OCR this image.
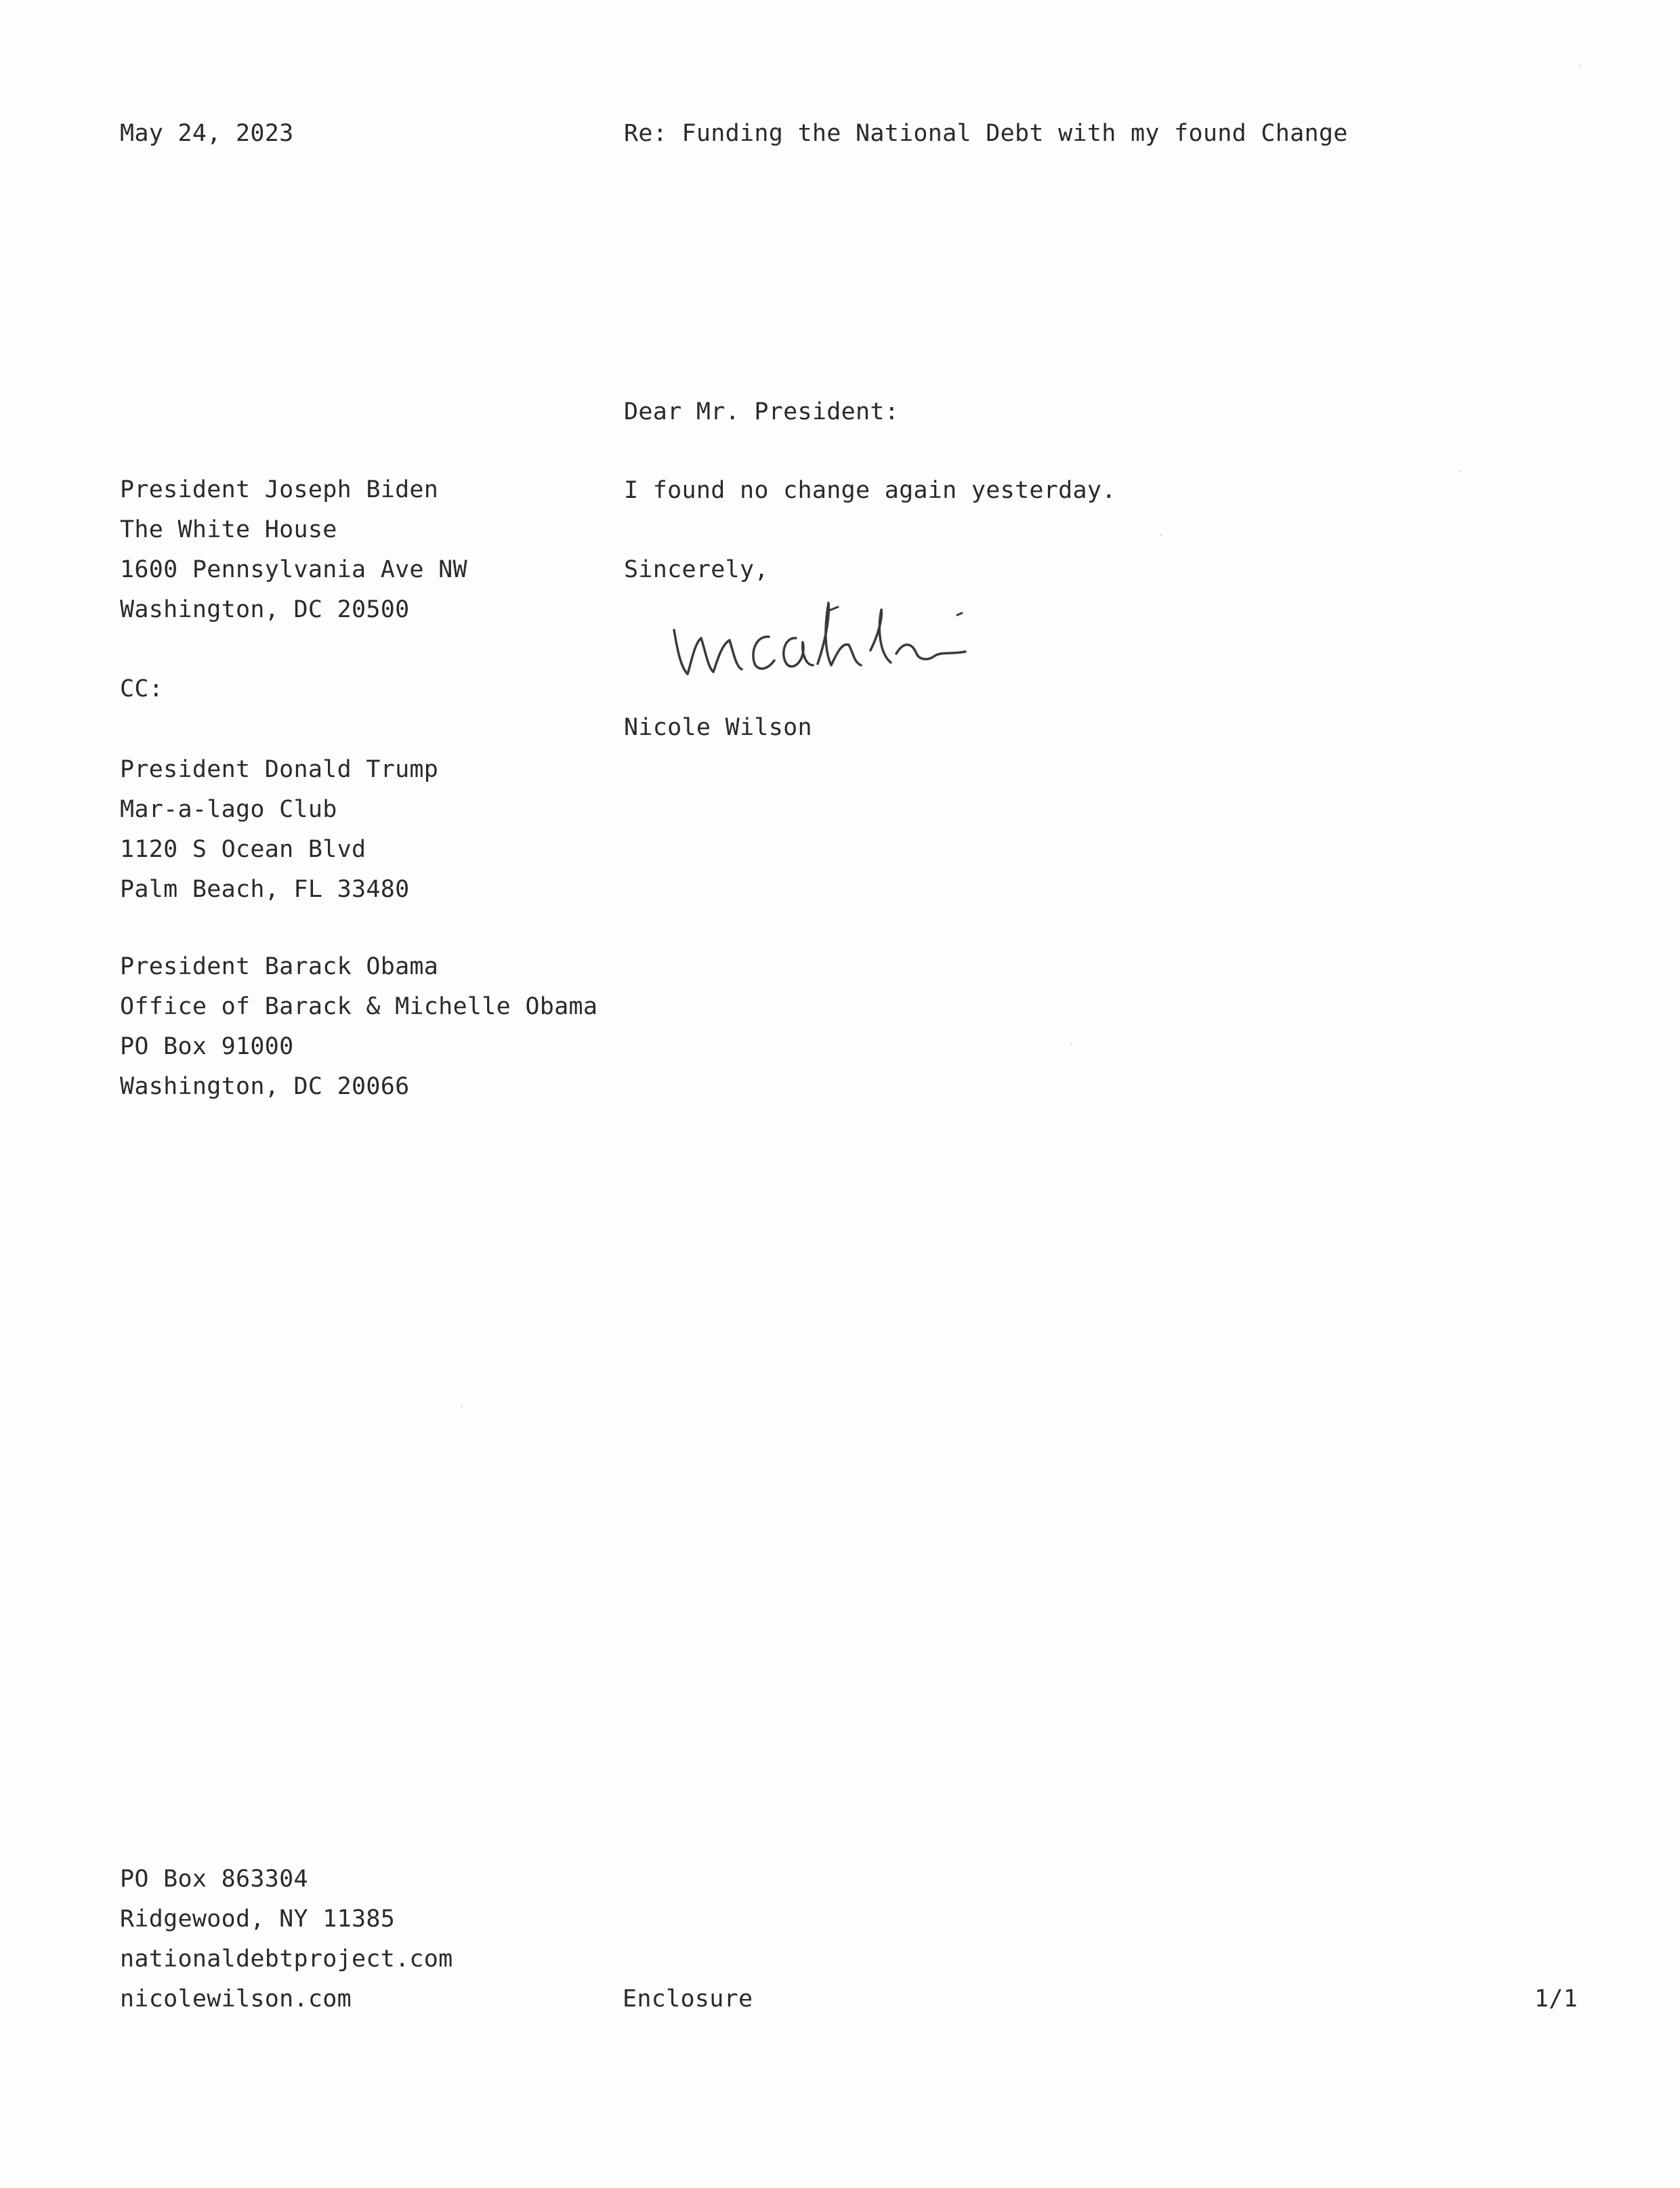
May 24, 2023	Re: Funding the National Debt with my found Change
Dear Mr. President:
I found no change again yesterday.
Sincerely,
Nicole Wilson
President Joseph Biden
The White House
1600 Pennsylvania Ave NW
Washington, DC 20500
CC:
President Donald Trump
Mar-a-lago Club
1120 S Ocean Blvd
Palm Beach, FL 33480
President Barack Obama
Office of Barack & Michelle Obama
PO Box 91000
Washington, DC 20066
PO Box 863304
Ridgewood, NY 11385
nationaldebtproject.com
nicolewilson.com	Enclosure	1/1
